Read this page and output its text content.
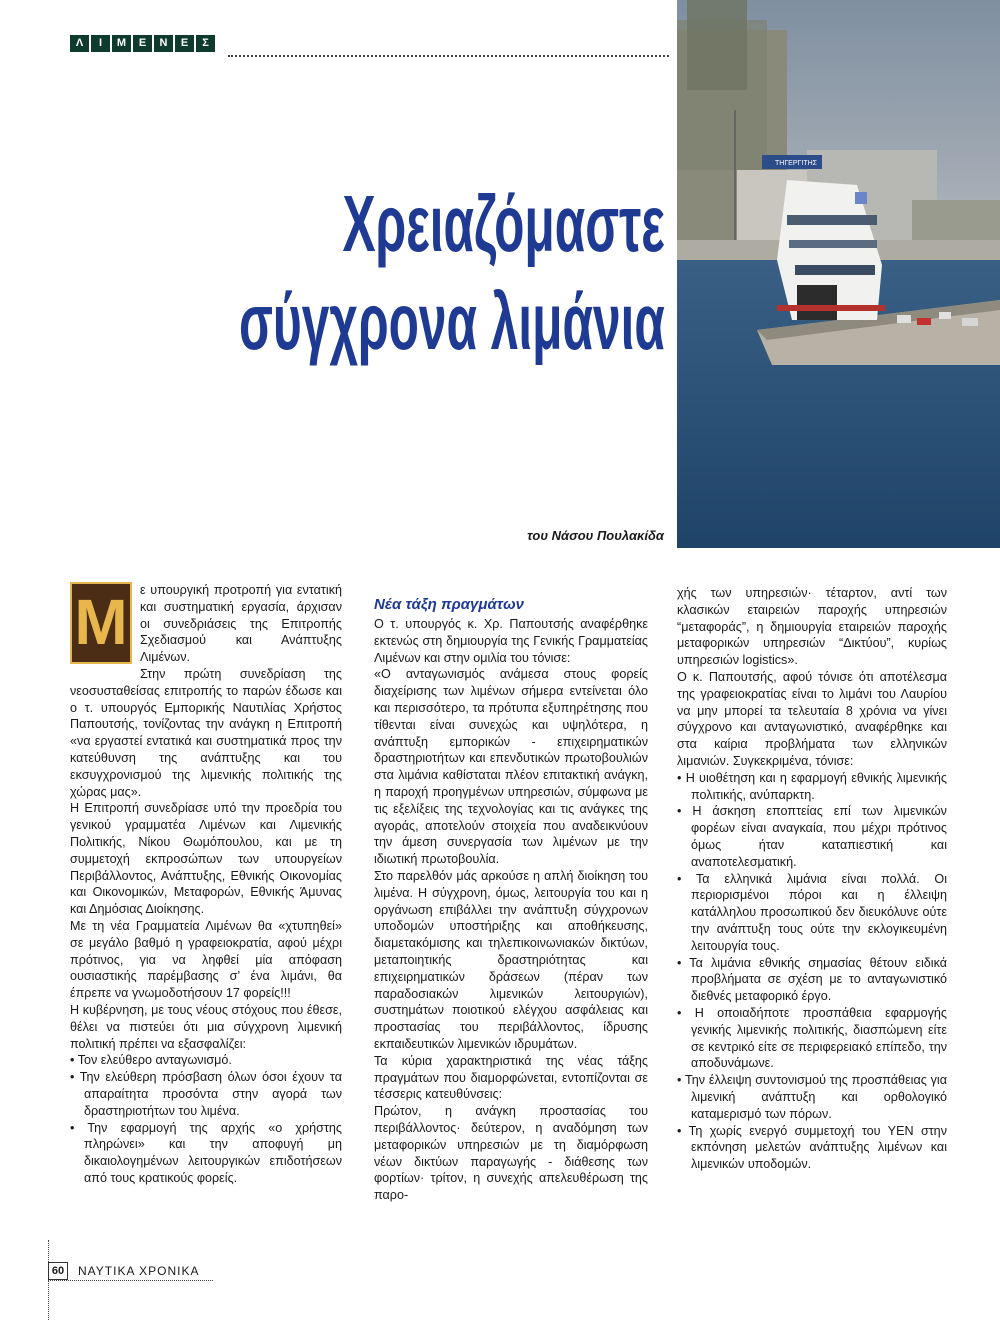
Λ	Ι	Μ	Ε	Ν	Ε	Σ
ΤΗΓΕΡΓΙΤΗΣ
Χρειαζόμαστε
σύγχρονα λιμάνια
του Νάσου Πουλακίδα
Μ ε υπουργική προτροπή για εντατική και συστηματική εργασία, άρχισαν οι συνεδριάσεις της Επιτροπής Σχεδιασμού και Ανάπτυξης Λιμένων.

Στην πρώτη συνεδρίαση της νεοσυσταθείσας επιτροπής το παρών έδωσε και ο τ. υπουργός Εμπορικής Ναυτιλίας Χρήστος Παπουτσής, τονίζοντας την ανάγκη η Επιτροπή «να εργαστεί εντατικά και συστηματικά προς την κατεύθυνση της ανάπτυξης και του εκσυγχρονισμού της λιμενικής πολιτικής της χώρας μας».

Η Επιτροπή συνεδρίασε υπό την προεδρία του γενικού γραμματέα Λιμένων και Λιμενικής Πολιτικής, Νίκου Θωμόπουλου, και με τη συμμετοχή εκπροσώπων των υπουργείων Περιβάλλοντος, Ανάπτυξης, Εθνικής Οικονομίας και Οικονομικών, Μεταφορών, Εθνικής Άμυνας και Δημόσιας Διοίκησης.

Με τη νέα Γραμματεία Λιμένων θα «χτυπηθεί» σε μεγάλο βαθμό η γραφειοκρατία, αφού μέχρι πρότινος, για να ληφθεί μία απόφαση ουσιαστικής παρέμβασης σ’ ένα λιμάνι, θα έπρεπε να γνωμοδοτήσουν 17 φορείς!!!

Η κυβέρνηση, με τους νέους στόχους που έθεσε, θέλει να πιστεύει ότι μια σύγχρονη λιμενική πολιτική πρέπει να εξασφαλίζει:

• Τον ελεύθερο ανταγωνισμό.

• Την ελεύθερη πρόσβαση όλων όσοι έχουν τα απαραίτητα προσόντα στην αγορά των δραστηριοτήτων του λιμένα.

• Την εφαρμογή της αρχής «ο χρήστης πληρώνει» και την αποφυγή μη δικαιολογημένων λειτουργικών επιδοτήσεων από τους κρατικούς φορείς.

Νέα τάξη πραγμάτων

Ο τ. υπουργός κ. Χρ. Παπουτσής αναφέρθηκε εκτενώς στη δημιουργία της Γενικής Γραμματείας Λιμένων και στην ομιλία του τόνισε:

«Ο ανταγωνισμός ανάμεσα στους φορείς διαχείρισης των λιμένων σήμερα εντείνεται όλο και περισσότερο, τα πρότυπα εξυπηρέτησης που τίθενται είναι συνεχώς και υψηλότερα, η ανάπτυξη εμπορικών - επιχειρηματικών δραστηριοτήτων και επενδυτικών πρωτοβουλιών στα λιμάνια καθίσταται πλέον επιτακτική ανάγκη, η παροχή προηγμένων υπηρεσιών, σύμφωνα με τις εξελίξεις της τεχνολογίας και τις ανάγκες της αγοράς, αποτελούν στοιχεία που αναδεικνύουν την άμεση συνεργασία των λιμένων με την ιδιωτική πρωτοβουλία.

Στο παρελθόν μάς αρκούσε η απλή διοίκηση του λιμένα. Η σύγχρονη, όμως, λειτουργία του και η οργάνωση επιβάλλει την ανάπτυξη σύγχρονων υποδομών υποστήριξης και αποθήκευσης, διαμετακόμισης και τηλεπικοινωνιακών δικτύων, μεταποιητικής δραστηριότητας και επιχειρηματικών δράσεων (πέραν των παραδοσιακών λιμενικών λειτουργιών), συστημάτων ποιοτικού ελέγχου ασφάλειας και προστασίας του περιβάλλοντος, ίδρυσης εκπαιδευτικών λιμενικών ιδρυμάτων.

Τα κύρια χαρακτηριστικά της νέας τάξης πραγμάτων που διαμορφώνεται, εντοπίζονται σε τέσσερις κατευθύνσεις:

Πρώτον, η ανάγκη προστασίας του περιβάλλοντος· δεύτερον, η αναδόμηση των μεταφορικών υπηρεσιών με τη διαμόρφωση νέων δικτύων παραγωγής - διάθεσης των φορτίων· τρίτον, η συνεχής απελευθέρωση της παρο-

χής των υπηρεσιών· τέταρτον, αντί των κλασικών εταιρειών παροχής υπηρεσιών “μεταφοράς”, η δημιουργία εταιρειών παροχής μεταφορικών υπηρεσιών “Δικτύου”, κυρίως υπηρεσιών logistics».

Ο κ. Παπουτσής, αφού τόνισε ότι αποτέλεσμα της γραφειοκρατίας είναι το λιμάνι του Λαυρίου να μην μπορεί τα τελευταία 8 χρόνια να γίνει σύγχρονο και ανταγωνιστικό, αναφέρθηκε και στα καίρια προβλήματα των ελληνικών λιμανιών. Συγκεκριμένα, τόνισε:

• Η υιοθέτηση και η εφαρμογή εθνικής λιμενικής πολιτικής, ανύπαρκτη.

• Η άσκηση εποπτείας επί των λιμενικών φορέων είναι αναγκαία, που μέχρι πρότινος όμως ήταν καταπιεστική και αναποτελεσματική.

• Τα ελληνικά λιμάνια είναι πολλά. Οι περιορισμένοι πόροι και η έλλειψη κατάλληλου προσωπικού δεν διευκόλυνε ούτε την ανάπτυξη τους ούτε την εκλογικευμένη λειτουργία τους.

• Τα λιμάνια εθνικής σημασίας θέτουν ειδικά προβλήματα σε σχέση με το ανταγωνιστικό διεθνές μεταφορικό έργο.

• Η οποιαδήποτε προσπάθεια εφαρμογής γενικής λιμενικής πολιτικής, διασπώμενη είτε σε κεντρικό είτε σε περιφερειακό επίπεδο, την αποδυνάμωνε.

• Την έλλειψη συντονισμού της προσπάθειας για λιμενική ανάπτυξη και ορθολογικό καταμερισμό των πόρων.

• Τη χωρίς ενεργό συμμετοχή του ΥΕΝ στην εκπόνηση μελετών ανάπτυξης λιμένων και λιμενικών υποδομών.

60	ΝΑΥΤΙΚΑ ΧΡΟΝΙΚΑ
